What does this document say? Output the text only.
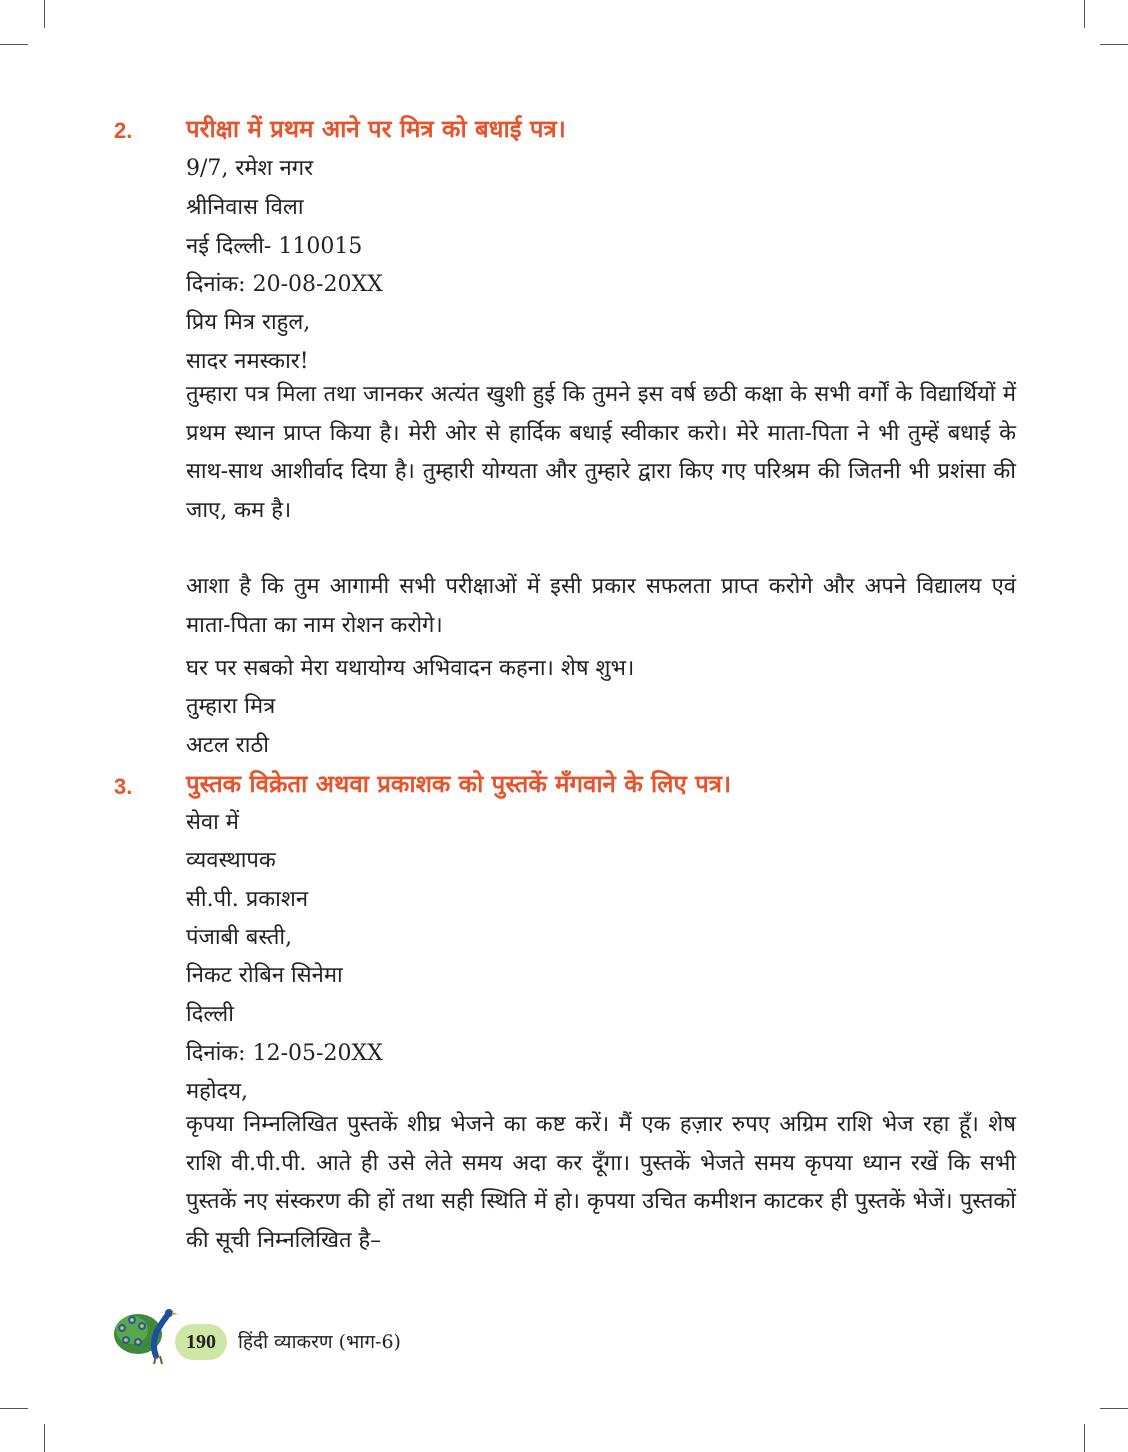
2. परीक्षा में प्रथम आने पर मित्र को बधाई पत्र।
9/7, रमेश नगर
श्रीनिवास विला
नई दिल्ली- 110015
दिनांक: 20-08-20XX
प्रिय मित्र राहुल,
सादर नमस्कार!
तुम्हारा पत्र मिला तथा जानकर अत्यंत खुशी हुई कि तुमने इस वर्ष छठी कक्षा के सभी वर्गों के विद्यार्थियों में प्रथम स्थान प्राप्त किया है। मेरी ओर से हार्दिक बधाई स्वीकार करो। मेरे माता-पिता ने भी तुम्हें बधाई के साथ-साथ आशीर्वाद दिया है। तुम्हारी योग्यता और तुम्हारे द्वारा किए गए परिश्रम की जितनी भी प्रशंसा की जाए, कम है।
आशा है कि तुम आगामी सभी परीक्षाओं में इसी प्रकार सफलता प्राप्त करोगे और अपने विद्यालय एवं माता-पिता का नाम रोशन करोगे।
घर पर सबको मेरा यथायोग्य अभिवादन कहना। शेष शुभ।
तुम्हारा मित्र
अटल राठी
3. पुस्तक विक्रेता अथवा प्रकाशक को पुस्तकें मँगवाने के लिए पत्र।
सेवा में
व्यवस्थापक
सी.पी. प्रकाशन
पंजाबी बस्ती,
निकट रोबिन सिनेमा
दिल्ली
दिनांक: 12-05-20XX
महोदय,
कृपया निम्नलिखित पुस्तकें शीघ्र भेजने का कष्ट करें। मैं एक हज़ार रुपए अग्रिम राशि भेज रहा हूँ। शेष राशि वी.पी.पी. आते ही उसे लेते समय अदा कर दूँगा। पुस्तकें भेजते समय कृपया ध्यान रखें कि सभी पुस्तकें नए संस्करण की हों तथा सही स्थिति में हो। कृपया उचित कमीशन काटकर ही पुस्तकें भेजें। पुस्तकों की सूची निम्नलिखित है–
190	हिंदी व्याकरण (भाग-6)
